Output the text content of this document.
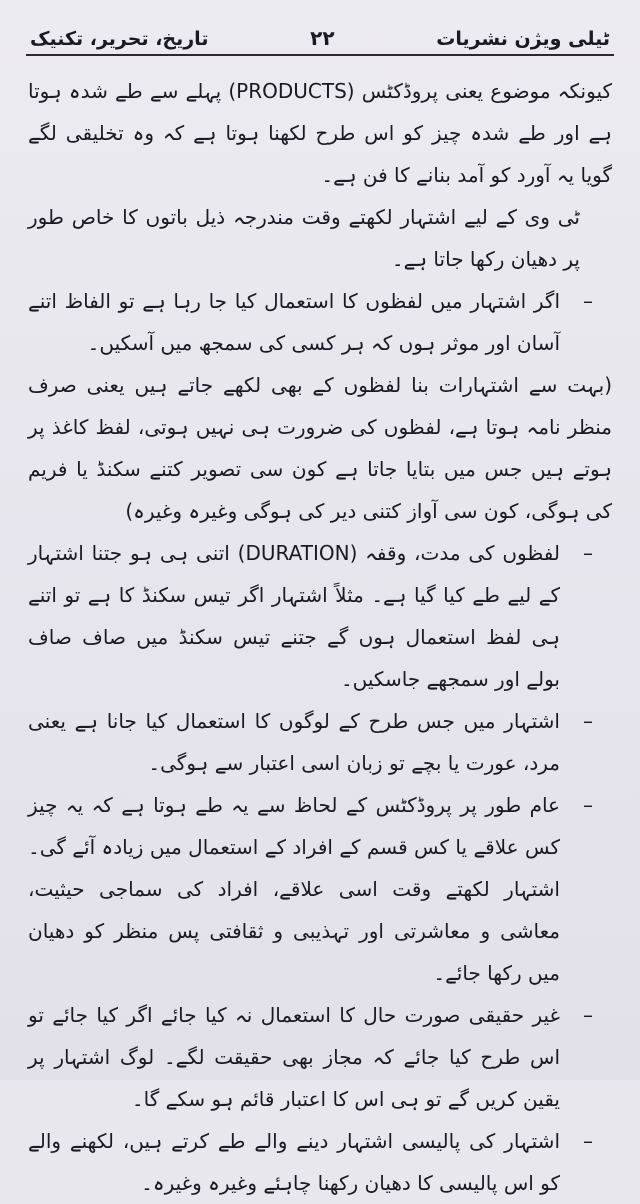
تاریخ، تحریر، تکنیک	۲۲	ٹیلی ویژن نشریات

کیونکہ موضوع یعنی پروڈکٹس (PRODUCTS) پہلے سے طے شدہ ہوتا ہے اور طے شدہ چیز کو اس طرح لکھنا ہوتا ہے کہ وہ تخلیقی لگے گویا یہ آورد کو آمد بنانے کا فن ہے۔

ٹی وی کے لیے اشتہار لکھتے وقت مندرجہ ذیل باتوں کا خاص طور پر دھیان رکھا جاتا ہے۔

–
اگر اشتہار میں لفظوں کا استعمال کیا جا رہا ہے تو الفاظ اتنے آسان اور موثر ہوں کہ ہر کسی کی سمجھ میں آسکیں۔

(بہت سے اشتہارات بنا لفظوں کے بھی لکھے جاتے ہیں یعنی صرف منظر نامہ ہوتا ہے، لفظوں کی ضرورت ہی نہیں ہوتی، لفظ کاغذ پر ہوتے ہیں جس میں بتایا جاتا ہے کون سی تصویر کتنے سکنڈ یا فریم کی ہوگی، کون سی آواز کتنی دیر کی ہوگی وغیرہ وغیرہ)

–
لفظوں کی مدت، وقفہ (DURATION) اتنی ہی ہو جتنا اشتہار کے لیے طے کیا گیا ہے۔ مثلاً اشتہار اگر تیس سکنڈ کا ہے تو اتنے ہی لفظ استعمال ہوں گے جتنے تیس سکنڈ میں صاف صاف بولے اور سمجھے جاسکیں۔

–
اشتہار میں جس طرح کے لوگوں کا استعمال کیا جانا ہے یعنی مرد، عورت یا بچے تو زبان اسی اعتبار سے ہوگی۔

–
عام طور پر پروڈکٹس کے لحاظ سے یہ طے ہوتا ہے کہ یہ چیز کس علاقے یا کس قسم کے افراد کے استعمال میں زیادہ آئے گی۔ اشتہار لکھتے وقت اسی علاقے، افراد کی سماجی حیثیت، معاشی و معاشرتی اور تہذیبی و ثقافتی پس منظر کو دھیان میں رکھا جائے۔

–
غیر حقیقی صورت حال کا استعمال نہ کیا جائے اگر کیا جائے تو اس طرح کیا جائے کہ مجاز بھی حقیقت لگے۔ لوگ اشتہار پر یقین کریں گے تو ہی اس کا اعتبار قائم ہو سکے گا۔

–
اشتہار کی پالیسی اشتہار دینے والے طے کرتے ہیں، لکھنے والے کو اس پالیسی کا دھیان رکھنا چاہئے وغیرہ وغیرہ۔
